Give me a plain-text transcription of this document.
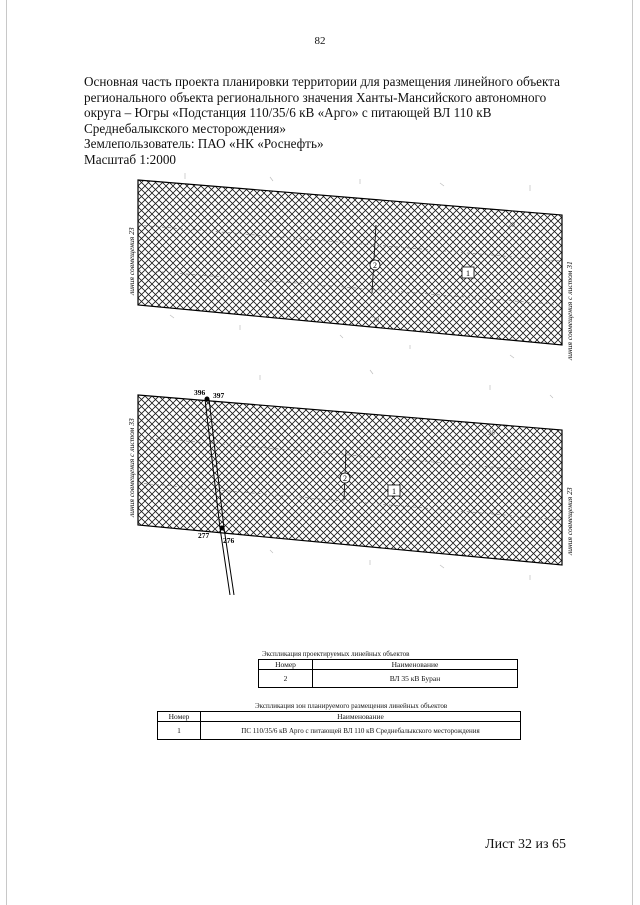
82
Основная часть проекта планировки территории для размещения линейного объекта
регионального объекта регионального значения Ханты-Мансийского автономного
округа – Югры «Подстанция 110/35/6 кВ «Арго» с питающей ВЛ 110 кВ
Среднебалыкского месторождения»
Землепользователь: ПАО «НК «Роснефть»
Масштаб 1:2000
2
1
20
20
линия совмещения 23
линия совмещения с листом 31
2
1
20
396 397
277
276
линия совмещения с листом 33
линия совмещения 23
Экспликация проектируемых линейных объектов
Номер	Наименование
2	ВЛ 35 кВ Буран
Экспликация зон планируемого размещения линейных объектов
Номер	Наименование
1	ПС 110/35/6 кВ Арго с питающей ВЛ 110 кВ Среднебалыкского месторождения
Лист 32 из 65
